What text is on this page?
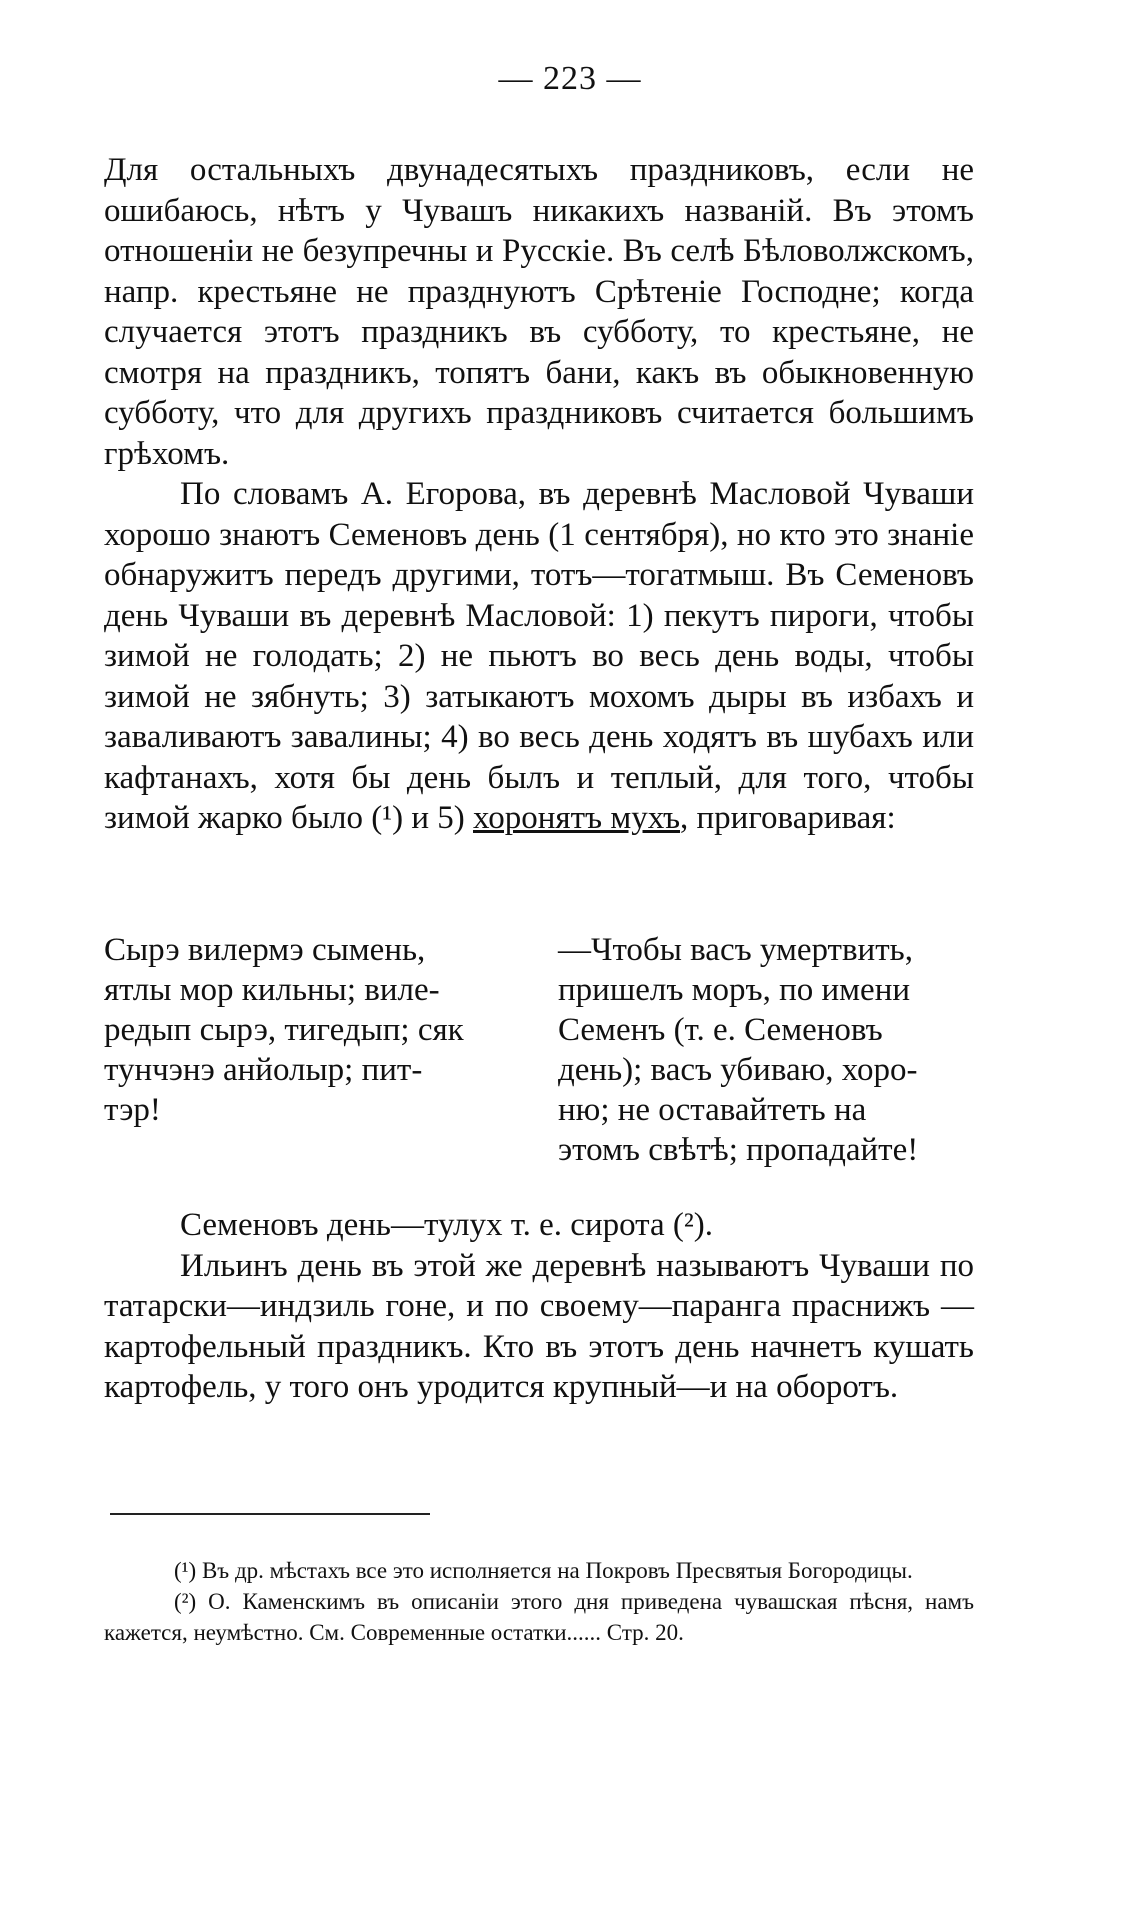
— 223 —

Для остальныхъ двунадесятыхъ праздниковъ, если не ошибаюсь, нѣтъ у Чувашъ никакихъ названій. Въ этомъ отношеніи не безупречны и Русскіе. Въ селѣ Бѣловолжскомъ, напр. крестьяне не празднуютъ Срѣтеніе Господне; когда случается этотъ праздникъ въ субботу, то крестьяне, не смотря на праздникъ, топятъ бани, какъ въ обыкновенную субботу, что для другихъ праздниковъ считается большимъ грѣхомъ.

По словамъ А. Егорова, въ деревнѣ Масловой Чуваши хорошо знаютъ Семеновъ день (1 сентября), но кто это знаніе обнаружитъ передъ другими, тотъ—тогатмыш. Въ Семеновъ день Чуваши въ деревнѣ Масловой: 1) пекутъ пироги, чтобы зимой не голодать; 2) не пьютъ во весь день воды, чтобы зимой не зябнуть; 3) затыкаютъ мохомъ дыры въ избахъ и заваливаютъ завалины; 4) во весь день ходятъ въ шубахъ или кафтанахъ, хотя бы день былъ и теплый, для того, чтобы зимой жарко было (¹) и 5) хоронятъ мухъ, приговаривая:

Сырэ вилермэ сымень,
ятлы мор кильны; виле-
редып сырэ, тигедып; сяк
тунчэнэ анйолыр; пит-
тэр!

—Чтобы васъ умертвить,
пришелъ моръ, по имени
Семенъ (т. е. Семеновъ
день); васъ убиваю, хоро-
ню; не оставайтеть на
этомъ свѣтѣ; пропадайте!

Семеновъ день—тулух т. е. сирота (²).

Ильинъ день въ этой же деревнѣ называютъ Чуваши по татарски—индзиль гоне, и по своему—паранга праснижъ — картофельный праздникъ. Кто въ этотъ день начнетъ кушать картофель, у того онъ уродится крупный—и на оборотъ.

(¹) Въ др. мѣстахъ все это исполняется на Покровъ Пресвятыя Богородицы.

(²) О. Каменскимъ въ описаніи этого дня приведена чувашская пѣсня, намъ кажется, неумѣстно. См. Современные остатки...... Стр. 20.
